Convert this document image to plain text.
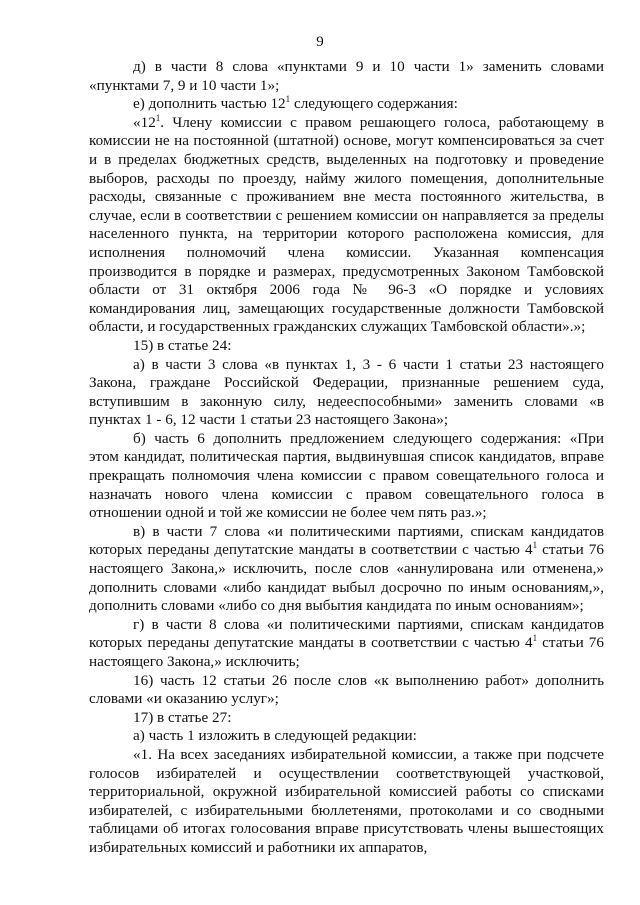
9

д) в части 8 слова «пунктами 9 и 10 части 1» заменить словами «пунктами 7, 9 и 10 части 1»;

е) дополнить частью $12^1$ следующего содержания:

«$12^1$. Члену комиссии с правом решающего голоса, работающему в комиссии не на постоянной (штатной) основе, могут компенсироваться за счет и в пределах бюджетных средств, выделенных на подготовку и проведение выборов, расходы по проезду, найму жилого помещения, дополнительные расходы, связанные с проживанием вне места постоянного жительства, в случае, если в соответствии с решением комиссии он направляется за пределы населенного пункта, на территории которого расположена комиссия, для исполнения полномочий члена комиссии. Указанная компенсация производится в порядке и размерах, предусмотренных Законом Тамбовской области от 31 октября 2006 года № 96-З «О порядке и условиях командирования лиц, замещающих государственные должности Тамбовской области, и государственных гражданских служащих Тамбовской области».»;

15) в статье 24:

а) в части 3 слова «в пунктах 1, 3 - 6 части 1 статьи 23 настоящего Закона, граждане Российской Федерации, признанные решением суда, вступившим в законную силу, недееспособными» заменить словами «в пунктах 1 - 6, 12 части 1 статьи 23 настоящего Закона»;

б) часть 6 дополнить предложением следующего содержания: «При этом кандидат, политическая партия, выдвинувшая список кандидатов, вправе прекращать полномочия члена комиссии с правом совещательного голоса и назначать нового члена комиссии с правом совещательного голоса в отношении одной и той же комиссии не более чем пять раз.»;

в) в части 7 слова «и политическими партиями, спискам кандидатов которых переданы депутатские мандаты в соответствии с частью $4^1$ статьи 76 настоящего Закона,» исключить, после слов «аннулирована или отменена,» дополнить словами «либо кандидат выбыл досрочно по иным основаниям,», дополнить словами «либо со дня выбытия кандидата по иным основаниям»;

г) в части 8 слова «и политическими партиями, спискам кандидатов которых переданы депутатские мандаты в соответствии с частью $4^1$ статьи 76 настоящего Закона,» исключить;

16) часть 12 статьи 26 после слов «к выполнению работ» дополнить словами «и оказанию услуг»;

17) в статье 27:

а) часть 1 изложить в следующей редакции:

«1. На всех заседаниях избирательной комиссии, а также при подсчете голосов избирателей и осуществлении соответствующей участковой, территориальной, окружной избирательной комиссией работы со списками избирателей, с избирательными бюллетенями, протоколами и со сводными таблицами об итогах голосования вправе присутствовать члены вышестоящих избирательных комиссий и работники их аппаратов,
